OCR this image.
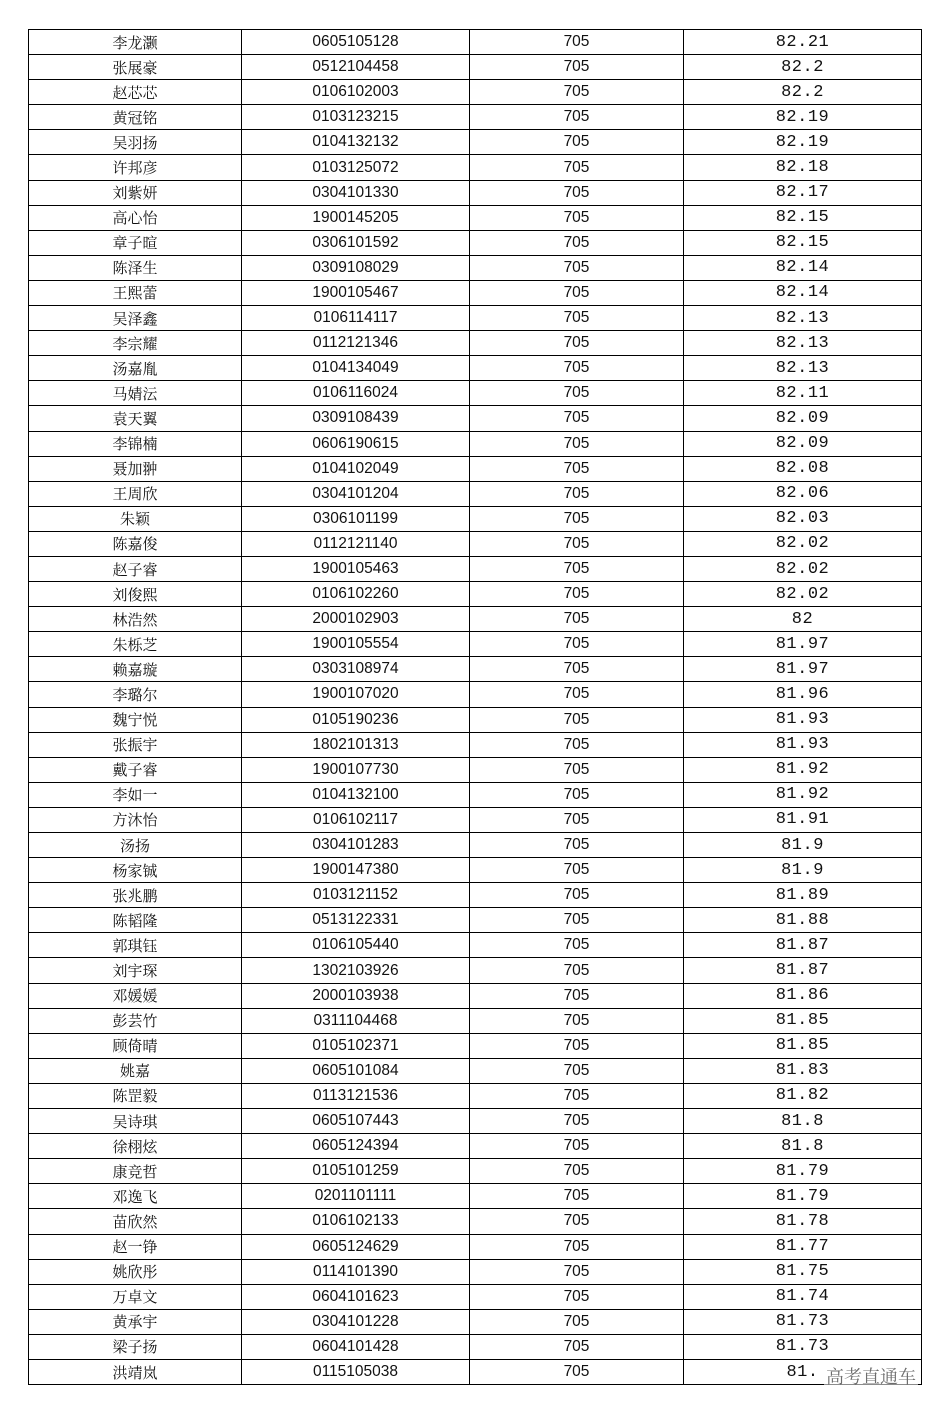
李龙灏	0605105128	705	82.21
张展豪	0512104458	705	82.2
赵芯芯	0106102003	705	82.2
黄冠铭	0103123215	705	82.19
吴羽扬	0104132132	705	82.19
许邦彦	0103125072	705	82.18
刘紫妍	0304101330	705	82.17
高心怡	1900145205	705	82.15
章子暄	0306101592	705	82.15
陈泽生	0309108029	705	82.14
王熙蕾	1900105467	705	82.14
吴泽鑫	0106114117	705	82.13
李宗耀	0112121346	705	82.13
汤嘉胤	0104134049	705	82.13
马婧沄	0106116024	705	82.11
袁天翼	0309108439	705	82.09
李锦楠	0606190615	705	82.09
聂加翀	0104102049	705	82.08
王周欣	0304101204	705	82.06
朱颖	0306101199	705	82.03
陈嘉俊	0112121140	705	82.02
赵子睿	1900105463	705	82.02
刘俊熙	0106102260	705	82.02
林浩然	2000102903	705	82
朱栎芝	1900105554	705	81.97
赖嘉璇	0303108974	705	81.97
李璐尔	1900107020	705	81.96
魏宁悦	0105190236	705	81.93
张振宇	1802101313	705	81.93
戴子睿	1900107730	705	81.92
李如一	0104132100	705	81.92
方沐怡	0106102117	705	81.91
汤扬	0304101283	705	81.9
杨家铖	1900147380	705	81.9
张兆鹏	0103121152	705	81.89
陈韬隆	0513122331	705	81.88
郭琪钰	0106105440	705	81.87
刘宇琛	1302103926	705	81.87
邓媛媛	2000103938	705	81.86
彭芸竹	0311104468	705	81.85
顾倚晴	0105102371	705	81.85
姚嘉	0605101084	705	81.83
陈罡毅	0113121536	705	81.82
吴诗琪	0605107443	705	81.8
徐栩炫	0605124394	705	81.8
康竞哲	0105101259	705	81.79
邓逸飞	0201101111	705	81.79
苗欣然	0106102133	705	81.78
赵一铮	0605124629	705	81.77
姚欣彤	0114101390	705	81.75
万卓文	0604101623	705	81.74
黄承宇	0304101228	705	81.73
梁子扬	0604101428	705	81.73
洪靖岚	0115105038	705	81. 高考直通车
